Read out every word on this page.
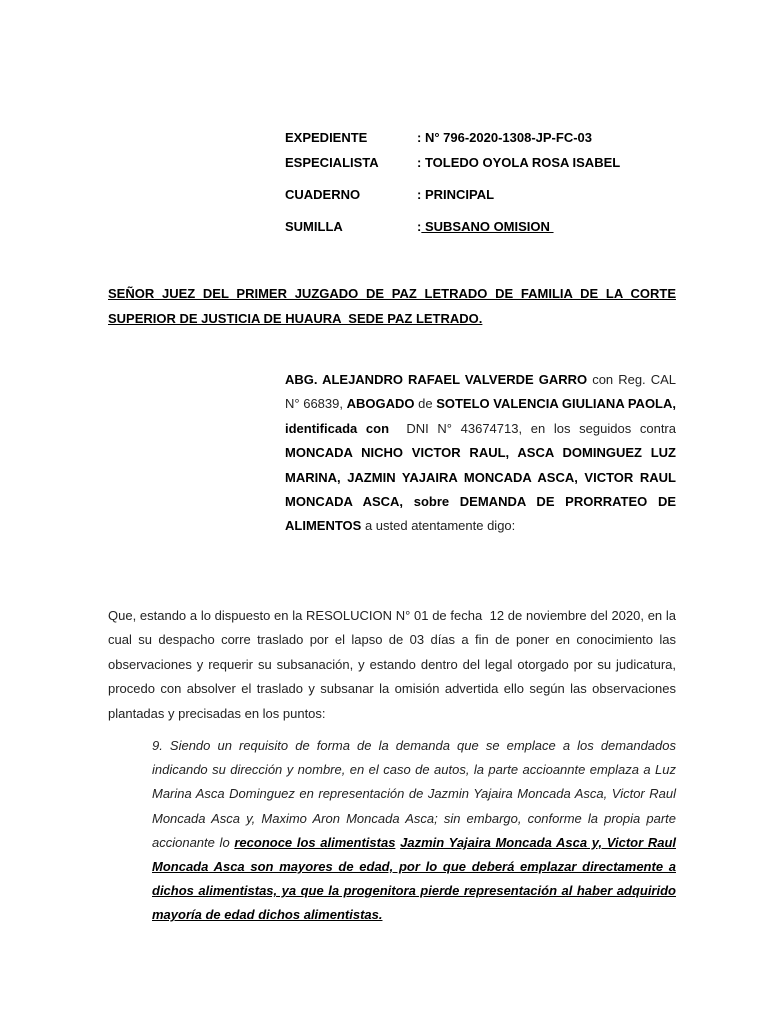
EXPEDIENTE	: N° 796-2020-1308-JP-FC-03
ESPECIALISTA	: TOLEDO OYOLA ROSA ISABEL
CUADERNO	: PRINCIPAL
SUMILLA	: SUBSANO OMISION
SEÑOR JUEZ DEL PRIMER JUZGADO DE PAZ LETRADO DE FAMILIA DE LA CORTE
SUPERIOR DE JUSTICIA DE HUAURA  SEDE PAZ LETRADO.
ABG. ALEJANDRO RAFAEL VALVERDE GARRO con Reg. CAL N° 66839, ABOGADO de SOTELO VALENCIA GIULIANA PAOLA, identificada con  DNI N° 43674713, en los seguidos contra  MONCADA NICHO VICTOR RAUL, ASCA DOMINGUEZ LUZ MARINA, JAZMIN YAJAIRA MONCADA ASCA, VICTOR RAUL MONCADA ASCA, sobre DEMANDA DE PRORRATEO DE ALIMENTOS a usted atentamente digo:
Que, estando a lo dispuesto en la RESOLUCION N° 01 de fecha  12 de noviembre del 2020, en la cual su despacho corre traslado por el lapso de 03 días a fin de poner en conocimiento las observaciones y requerir su subsanación, y estando dentro del legal otorgado por su judicatura, procedo con absolver el traslado y subsanar la omisión advertida ello según las observaciones plantadas y precisadas en los puntos:
9. Siendo un requisito de forma de la demanda que se emplace a los demandados indicando su dirección y nombre, en el caso de autos, la parte accioannte emplaza a Luz Marina Asca Dominguez en representación de Jazmin Yajaira Moncada Asca, Victor Raul Moncada Asca y, Maximo Aron Moncada Asca; sin embargo, conforme la propia parte accionante lo reconoce los alimentistas Jazmin Yajaira Moncada Asca y, Victor Raul Moncada Asca son mayores de edad, por lo que deberá emplazar directamente a dichos alimentistas, ya que la progenitora pierde representación al haber adquirido mayoría de edad dichos alimentistas.
